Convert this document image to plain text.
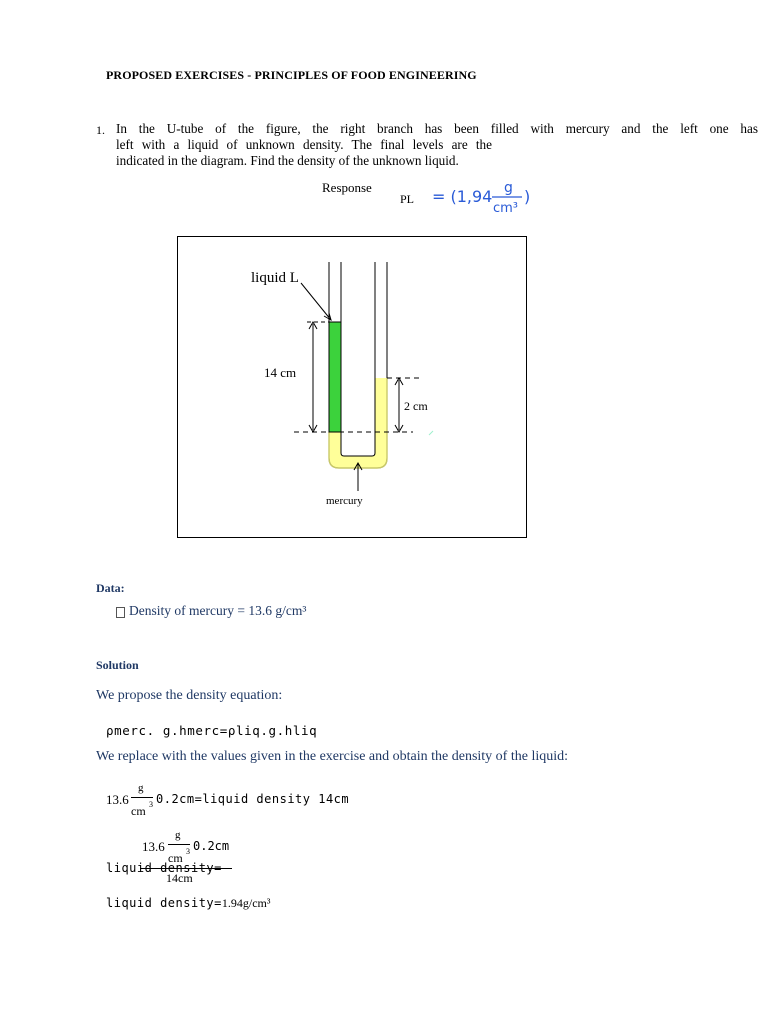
PROPOSED EXERCISES - PRINCIPLES OF FOOD ENGINEERING
1. In the U-tube of the figure, the right branch has been filled with mercury and the left one has
left with a liquid of unknown density. The final levels are the
indicated in the diagram. Find the density of the unknown liquid.
Response
PL = (1,94 g
cm³
)
liquid L
14 cm
2 cm
mercury
Data:
Density of mercury = 13.6 g/cm³
Solution
We propose the density equation:
ρmerc. g.hmerc=ρliq.g.hliq
We replace with the values given in the exercise and obtain the density of the liquid:
13.6
g
cm 3 0.2cm=liquid density 14cm
13.6
g
cm 3 0.2cm
liquid density=
14cm
liquid density=1.94g/cm³
